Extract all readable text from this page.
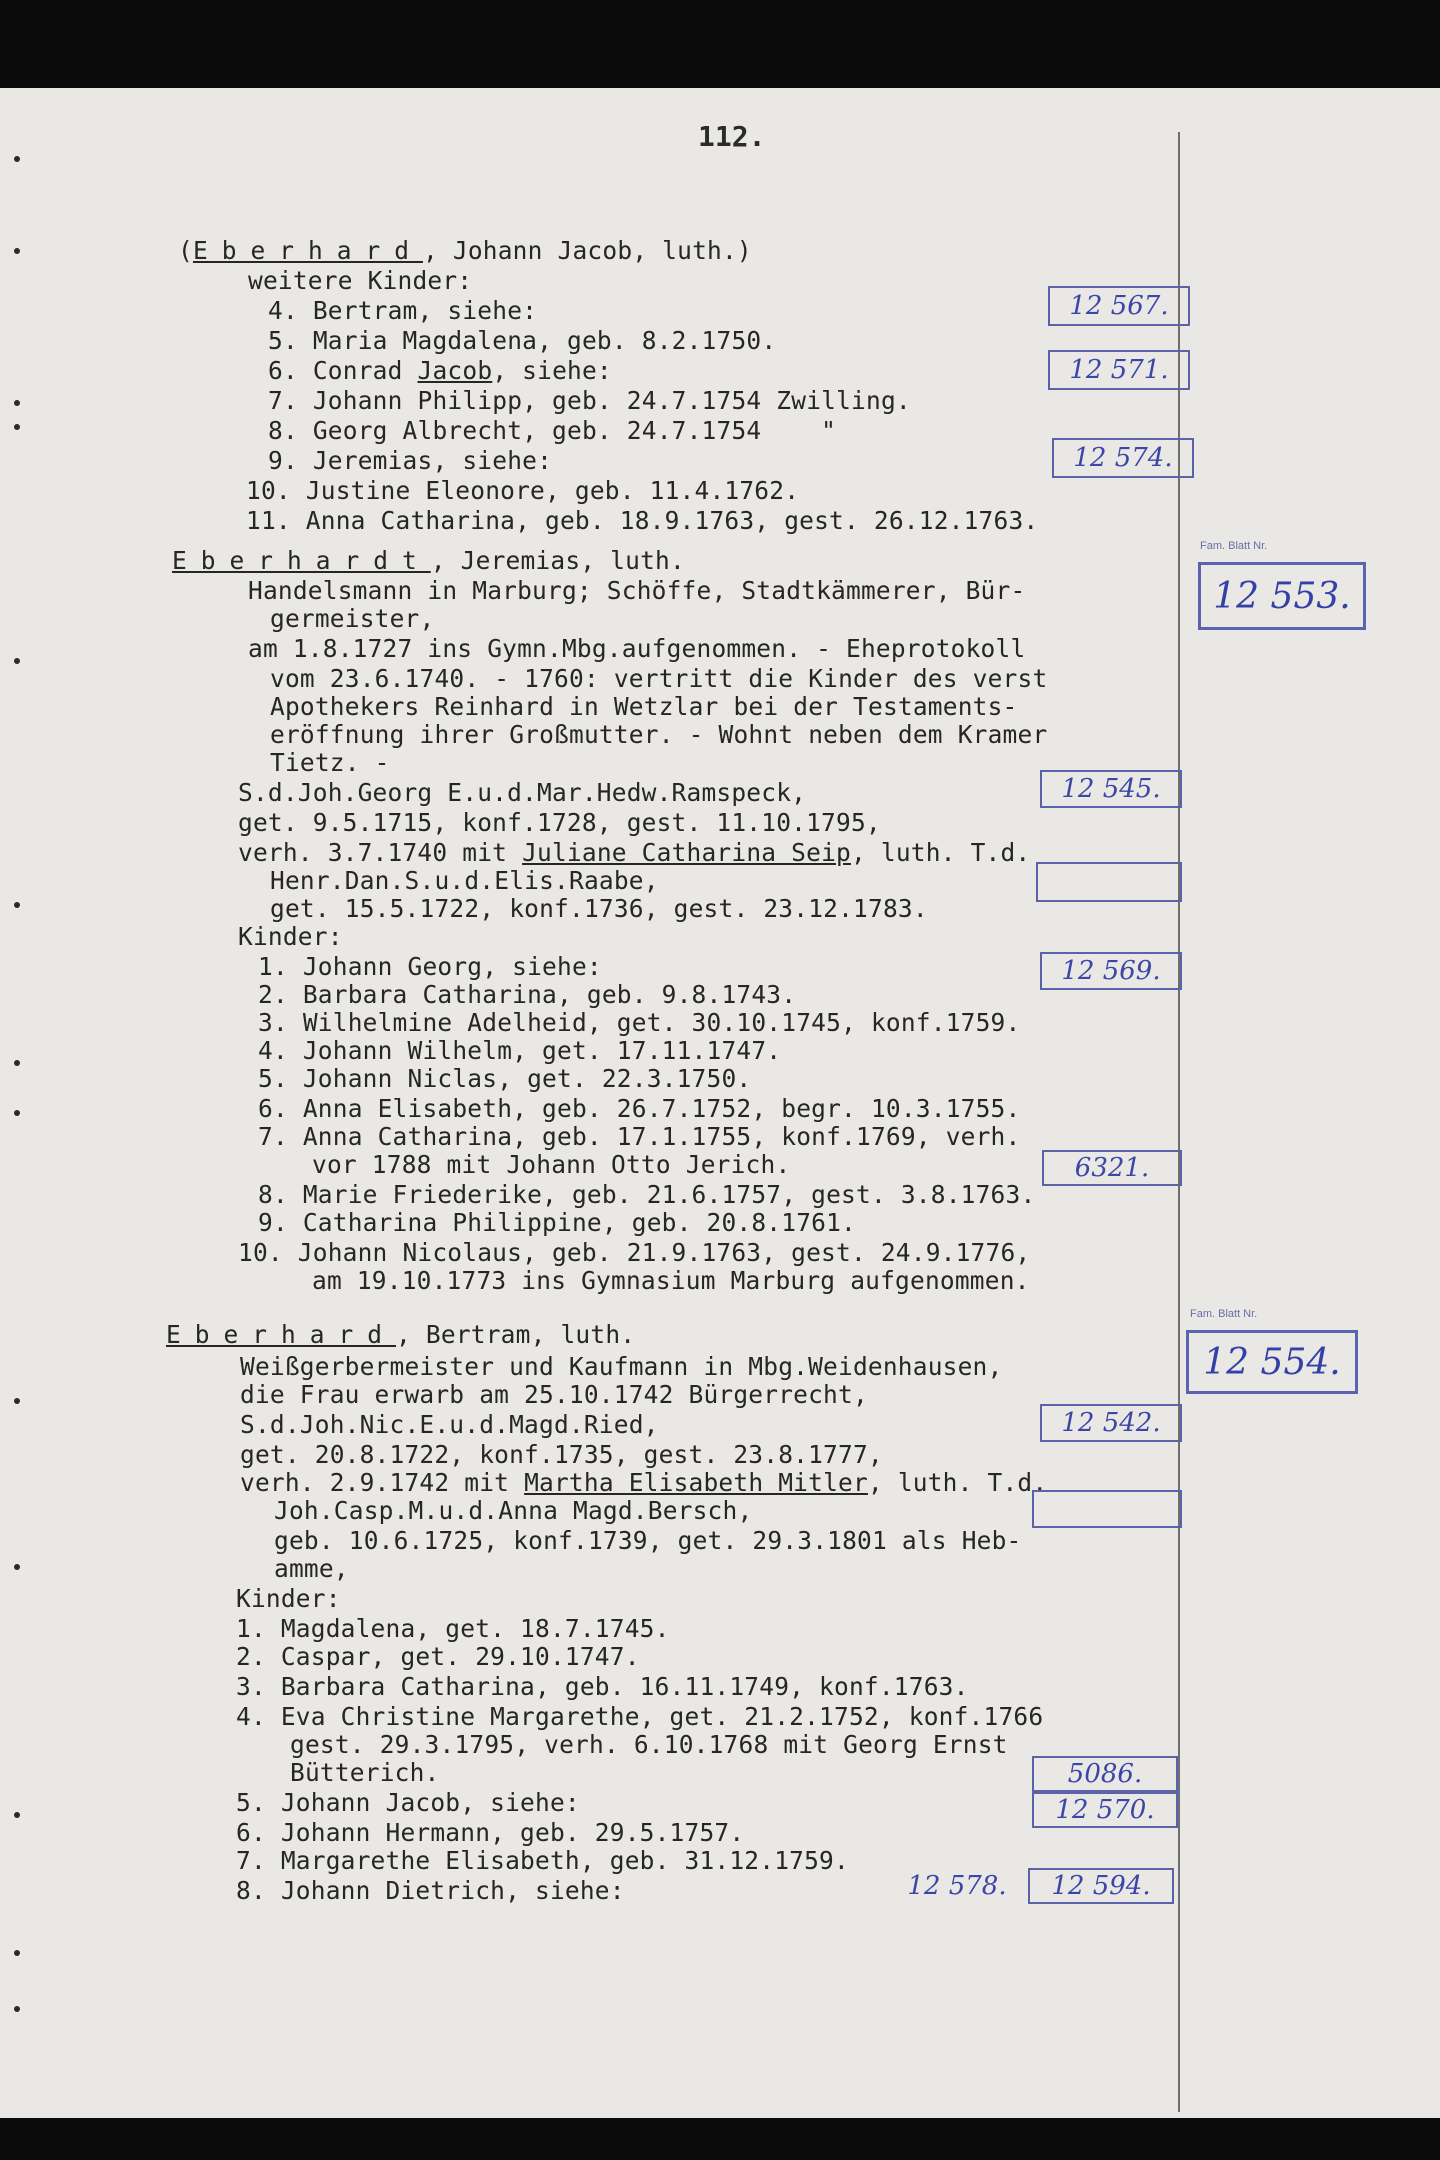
112.
(Eberhard, Johann Jacob, luth.)
weitere Kinder:
4. Bertram, siehe:
5. Maria Magdalena, geb. 8.2.1750.
6. Conrad Jacob, siehe:
7. Johann Philipp, geb. 24.7.1754 Zwilling.
8. Georg Albrecht, geb. 24.7.1754    "
9. Jeremias, siehe:
10. Justine Eleonore, geb. 11.4.1762.
11. Anna Catharina, geb. 18.9.1763, gest. 26.12.1763.
12 567.
12 571.
12 574.
Eberhardt, Jeremias, luth.
Handelsmann in Marburg; Schöffe, Stadtkämmerer, Bür-
germeister,
am 1.8.1727 ins Gymn.Mbg.aufgenommen. - Eheprotokoll
vom 23.6.1740. - 1760: vertritt die Kinder des verst
Apothekers Reinhard in Wetzlar bei der Testaments-
eröffnung ihrer Großmutter. - Wohnt neben dem Kramer
Tietz. -
S.d.Joh.Georg E.u.d.Mar.Hedw.Ramspeck,
get. 9.5.1715, konf.1728, gest. 11.10.1795,
verh. 3.7.1740 mit Juliane Catharina Seip, luth. T.d.
Henr.Dan.S.u.d.Elis.Raabe,
get. 15.5.1722, konf.1736, gest. 23.12.1783.
Kinder:
1. Johann Georg, siehe:
2. Barbara Catharina, geb. 9.8.1743.
3. Wilhelmine Adelheid, get. 30.10.1745, konf.1759.
4. Johann Wilhelm, get. 17.11.1747.
5. Johann Niclas, get. 22.3.1750.
6. Anna Elisabeth, geb. 26.7.1752, begr. 10.3.1755.
7. Anna Catharina, geb. 17.1.1755, konf.1769, verh.
vor 1788 mit Johann Otto Jerich.
8. Marie Friederike, geb. 21.6.1757, gest. 3.8.1763.
9. Catharina Philippine, geb. 20.8.1761.
10. Johann Nicolaus, geb. 21.9.1763, gest. 24.9.1776,
am 19.10.1773 ins Gymnasium Marburg aufgenommen.
12 545.
12 569.
6321.
Fam. Blatt Nr.
12 553.
Eberhard, Bertram, luth.
Weißgerbermeister und Kaufmann in Mbg.Weidenhausen,
die Frau erwarb am 25.10.1742 Bürgerrecht,
S.d.Joh.Nic.E.u.d.Magd.Ried,
get. 20.8.1722, konf.1735, gest. 23.8.1777,
verh. 2.9.1742 mit Martha Elisabeth Mitler, luth. T.d.
Joh.Casp.M.u.d.Anna Magd.Bersch,
geb. 10.6.1725, konf.1739, get. 29.3.1801 als Heb-
amme,
Kinder:
1. Magdalena, get. 18.7.1745.
2. Caspar, get. 29.10.1747.
3. Barbara Catharina, geb. 16.11.1749, konf.1763.
4. Eva Christine Margarethe, get. 21.2.1752, konf.1766
gest. 29.3.1795, verh. 6.10.1768 mit Georg Ernst
Bütterich.
5. Johann Jacob, siehe:
6. Johann Hermann, geb. 29.5.1757.
7. Margarethe Elisabeth, geb. 31.12.1759.
8. Johann Dietrich, siehe:
12 542.
5086.
12 570.
12 578. 12 594.
Fam. Blatt Nr.
12 554.
